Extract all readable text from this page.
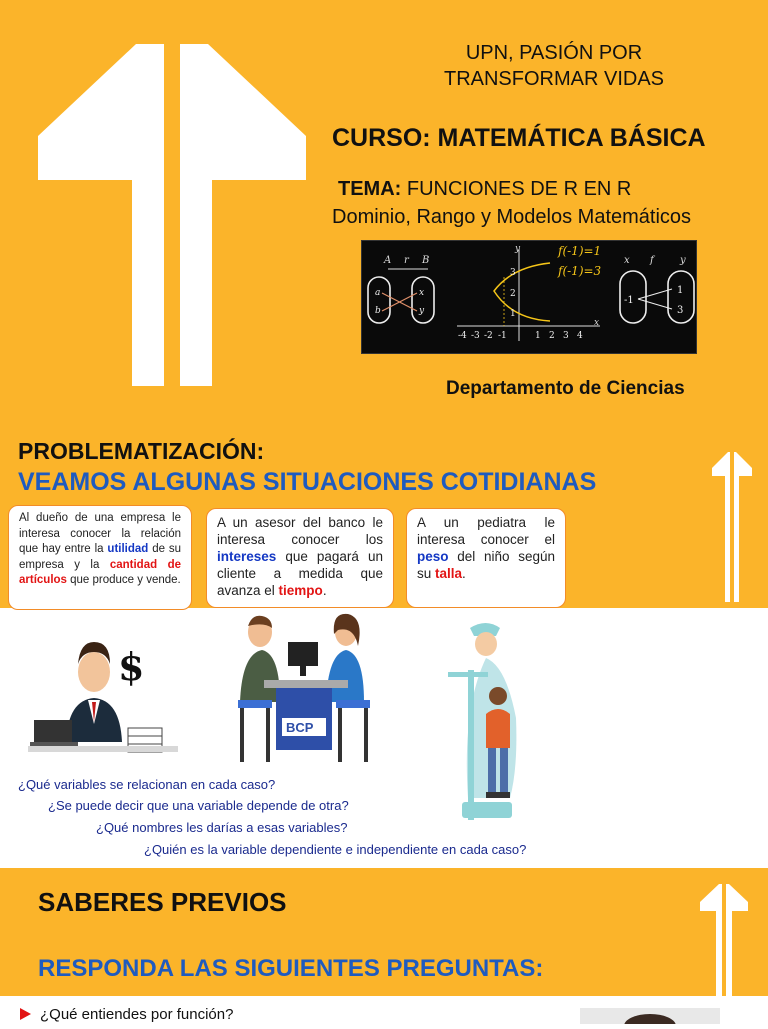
UPN, PASIÓN POR
TRANSFORMAR VIDAS
CURSO: MATEMÁTICA BÁSICA
TEMA: FUNCIONES DE R EN R
Dominio, Rango y Modelos Matemáticos
A r B
a
b
x
y
x
y
3
2
1
-4 -3 -2 -1	1 2 3 4
f(-1)=1
f(-1)=3
x f	y
-1
1
3
Departamento de Ciencias
PROBLEMATIZACIÓN:
VEAMOS ALGUNAS SITUACIONES COTIDIANAS
Al dueño de una empresa le interesa conocer la relación que hay entre la utilidad de su empresa y la cantidad de artículos que produce y vende.
A un asesor del banco le interesa conocer los intereses que pagará un cliente a medida que avanza el tiempo.
A un pediatra le interesa conocer el peso del niño según su talla.
$
BCP
¿Qué variables se relacionan en cada caso?
¿Se puede decir que una variable depende de otra?
¿Qué nombres les darías a esas variables?
¿Quién es la variable dependiente e independiente en cada caso?
SABERES PREVIOS
RESPONDA LAS SIGUIENTES PREGUNTAS:
¿Qué entiendes por función?
